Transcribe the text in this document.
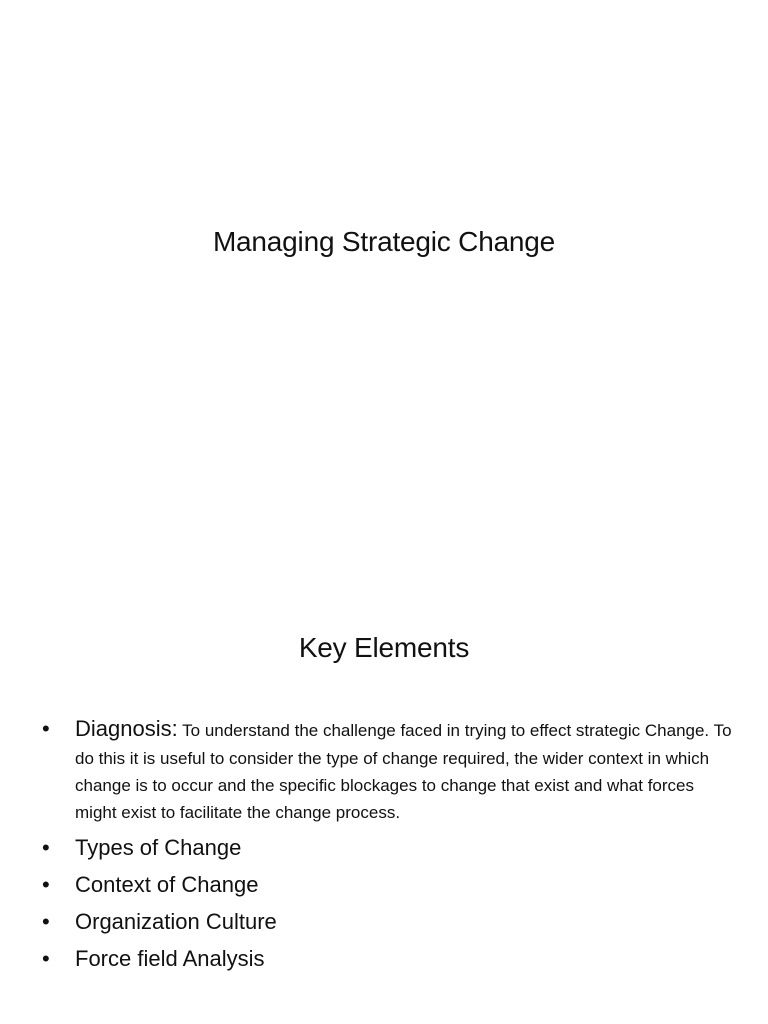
Managing Strategic Change
Key Elements
• Diagnosis: To understand the challenge faced in trying to effect strategic Change. To do this it is useful to consider the type of change required, the wider context in which change is to occur and the specific blockages to change that exist and what forces might exist to facilitate the change process.
• Types of Change
• Context of Change
• Organization Culture
• Force field Analysis
